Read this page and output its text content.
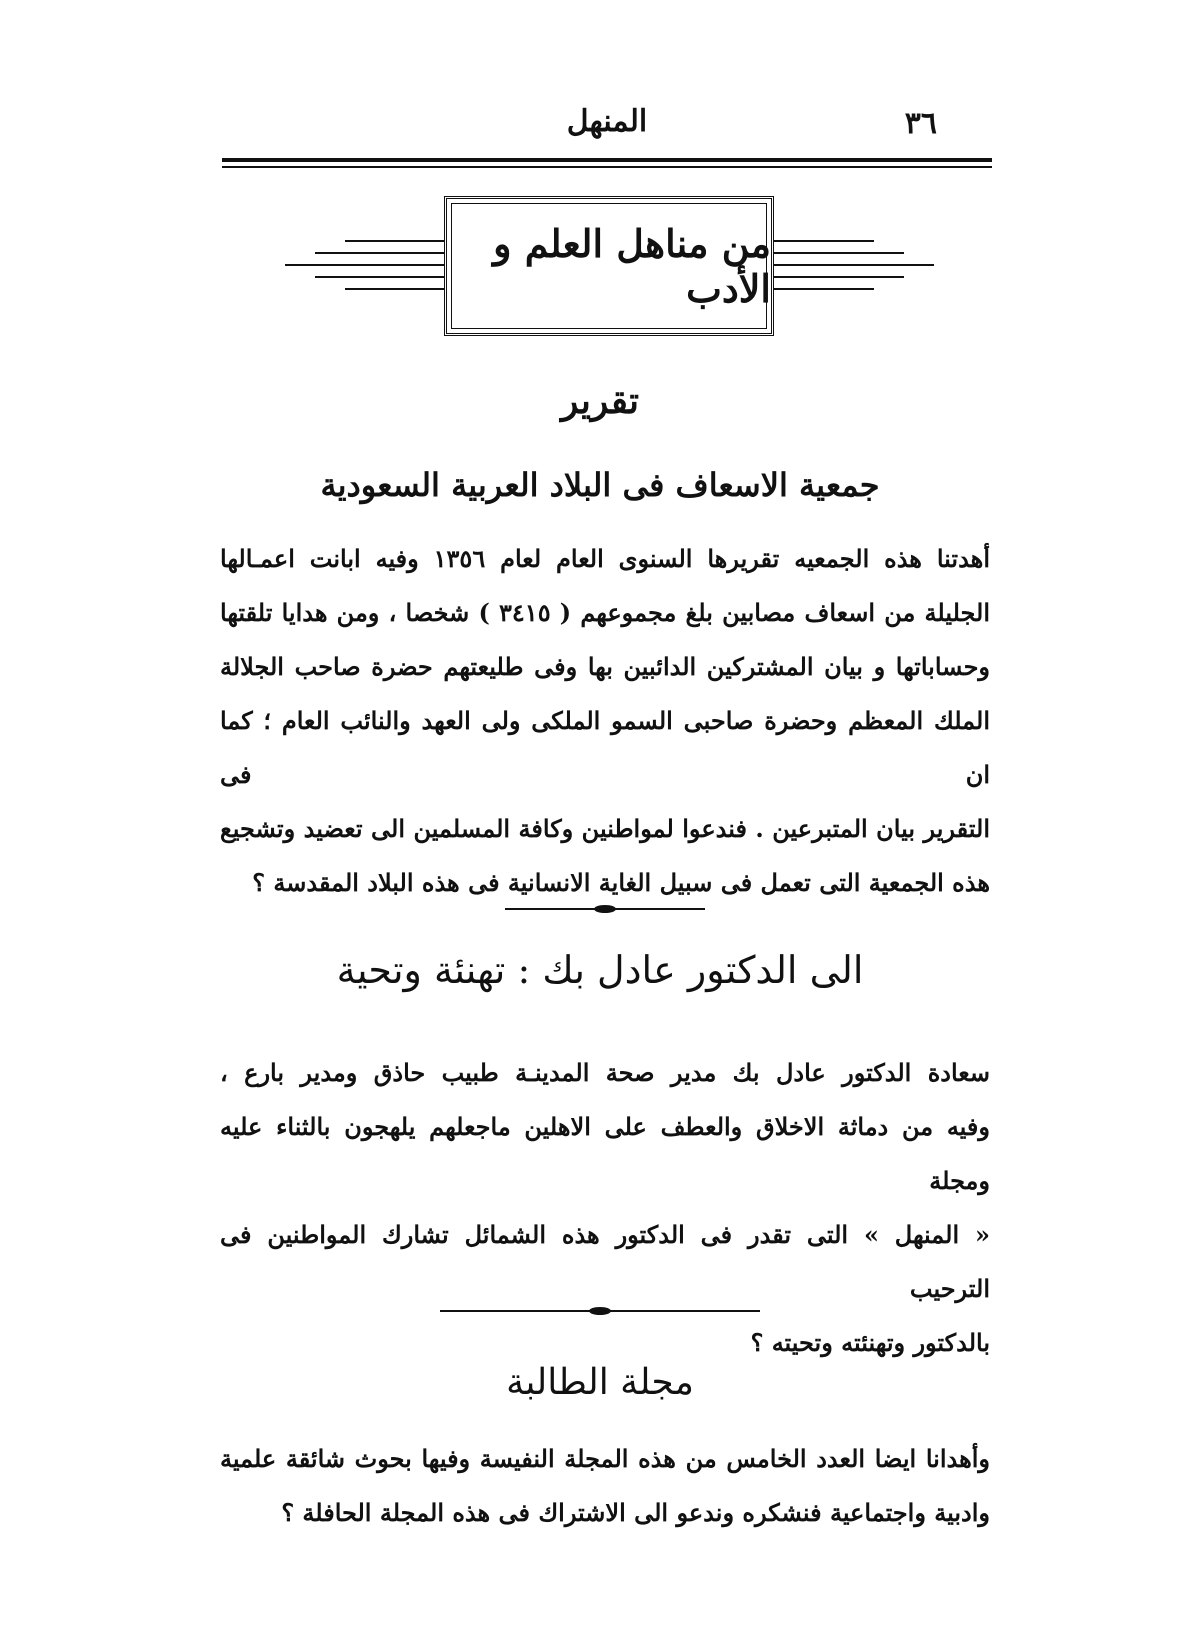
٣٦
المنهل
من مناهل العلم و الأدب
تقرير
جمعية الاسعاف فى البلاد العربية السعودية

أهدتنا هذه الجمعيه تقريرها السنوى العام لعام ١٣٥٦ وفيه ابانت اعمـالها

الجليلة من اسعاف مصابين بلغ مجموعهم ( ٣٤١٥ ) شخصا ، ومن هدايا تلقتها

وحساباتها و بيان المشتركين الدائبين بها وفى طليعتهم حضرة صاحب الجلالة

الملك المعظم وحضرة صاحبى السمو الملكى ولى العهد والنائب العام ؛ كما ان فى

التقرير بيان المتبرعين . فندعوا لمواطنين وكافة المسلمين الى تعضيد وتشجيع

هذه الجمعية التى تعمل فى سبيل الغاية الانسانية فى هذه البلاد المقدسة ؟

الى الدكتور عادل بك : تهنئة وتحية

سعادة الدكتور عادل بك مدير صحة المدينـة طبيب حاذق ومدير بارع ،

وفيه من دماثة الاخلاق والعطف على الاهلين ماجعلهم يلهجون بالثناء عليه ومجلة

« المنهل » التى تقدر فى الدكتور هذه الشمائل تشارك المواطنين فى الترحيب

بالدكتور وتهنئته وتحيته ؟

مجلة الطالبة

وأهدانا ايضا العدد الخامس من هذه المجلة النفيسة وفيها بحوث شائقة علمية

وادبية واجتماعية فنشكره وندعو الى الاشتراك فى هذه المجلة الحافلة ؟
